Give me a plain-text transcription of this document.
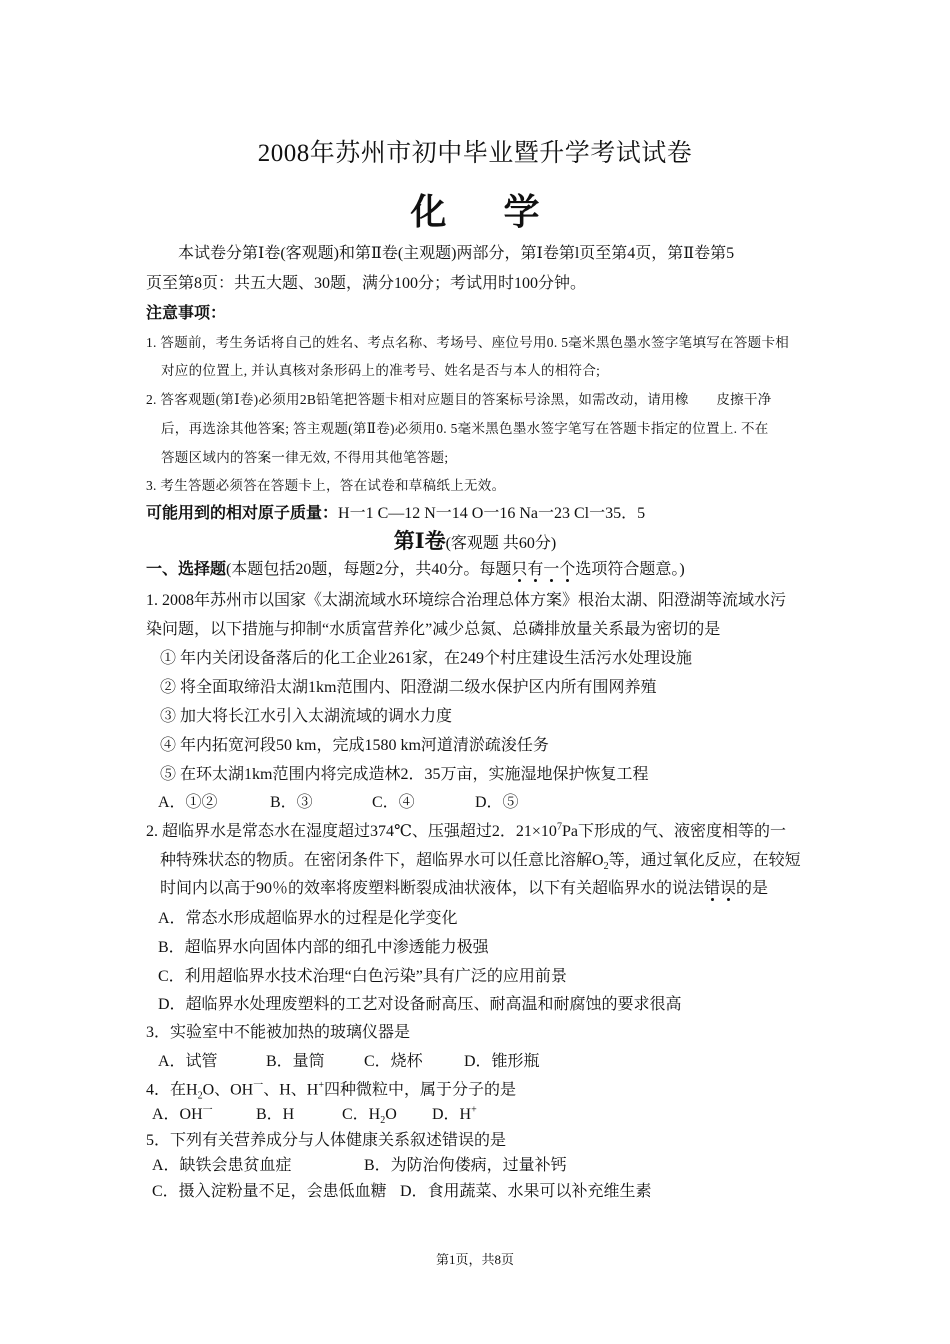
2008年苏州市初中毕业暨升学考试试卷
化 学
本试卷分第Ⅰ卷(客观题)和第Ⅱ卷(主观题)两部分，第Ⅰ卷第l页至第4页，第Ⅱ卷第5
页至第8页：共五大题、30题，满分100分；考试用时100分钟。
注意事项：
1. 答题前，考生务话将自己的姓名、考点名称、考场号、座位号用0. 5毫米黑色墨水签字笔填写在答题卡相
对应的位置上, 并认真核对条形码上的准考号、姓名是否与本人的相符合;
2. 答客观题(第Ⅰ卷)必须用2B铅笔把答题卡相对应题目的答案标号涂黑，如需改动，请用橡　　皮擦干净
后，再选涂其他答案; 答主观题(第Ⅱ卷)必须用0. 5毫米黑色墨水签字笔写在答题卡指定的位置上. 不在
答题区域内的答案一律无效, 不得用其他笔答题;
3. 考生答题必须答在答题卡上，答在试卷和草稿纸上无效。
可能用到的相对原子质量：H一1 C—12 N一14 O一16 Na一23 Cl一35．5
第Ⅰ卷(客观题 共60分)
一、选择题(本题包括20题，每题2分，共40分。每题只有一个选项符合题意。)
1. 2008年苏州市以国家《太湖流域水环境综合治理总体方案》根治太湖、阳澄湖等流域水污
染问题，以下措施与抑制“水质富营养化”减少总氮、总磷排放量关系最为密切的是
① 年内关闭设备落后的化工企业261家，在249个村庄建设生活污水处理设施
② 将全面取缔沿太湖1km范围内、阳澄湖二级水保护区内所有围网养殖
③ 加大将长江水引入太湖流域的调水力度
④ 年内拓宽河段50 km，完成1580 km河道清淤疏浚任务
⑤ 在环太湖1km范围内将完成造林2．35万亩，实施湿地保护恢复工程
A．①②	B．③	C．④	D．⑤
2. 超临界水是常态水在湿度超过374℃、压强超过2．$21\times 10^7Pa$下形成的气、液密度相等的一
种特殊状态的物质。在密闭条件下，超临界水可以任意比溶解$O_2$等，通过氧化反应，在较短
时间内以高于90％的效率将废塑料断裂成油状液体，以下有关超临界水的说法错误的是
A．常态水形成超临界水的过程是化学变化
B．超临界水向固体内部的细孔中渗透能力极强
C．利用超临界水技术治理“白色污染”具有广泛的应用前景
D．超临界水处理废塑料的工艺对设备耐高压、耐高温和耐腐蚀的要求很高
3．实验室中不能被加热的玻璃仪器是
A．试管	B．量筒 C．烧杯	D．锥形瓶
4．在$H_2O$、$OH^一$、H、H+四种微粒中，属于分子的是
A．$OH^一$	B．H	C．$H_2O$ D．H+
5．下列有关营养成分与人体健康关系叙述错误的是
A．缺铁会患贫血症	B．为防治佝偻病，过量补钙
C．摄入淀粉量不足，会患低血糖 D．食用蔬菜、水果可以补充维生素
第1页，共8页
